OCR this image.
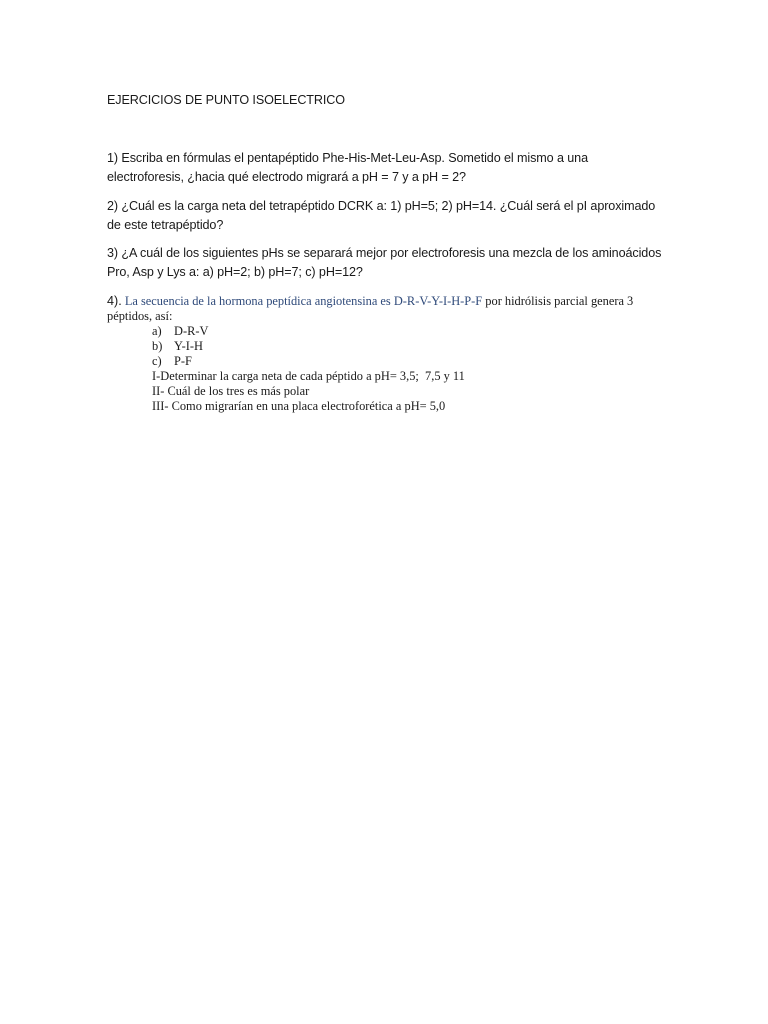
EJERCICIOS DE PUNTO ISOELECTRICO

1) Escriba en fórmulas el pentapéptido Phe-His-Met-Leu-Asp. Sometido el mismo a una electroforesis, ¿hacia qué electrodo migrará a pH = 7 y a pH = 2?

2) ¿Cuál es la carga neta del tetrapéptido DCRK a: 1) pH=5; 2) pH=14. ¿Cuál será el pI aproximado de este tetrapéptido?

3) ¿A cuál de los siguientes pHs se separará mejor por electroforesis una mezcla de los aminoácidos Pro, Asp y Lys a: a) pH=2; b) pH=7; c) pH=12?

4). La secuencia de la hormona peptídica angiotensina es D-R-V-Y-I-H-P-F por hidrólisis parcial genera 3 péptidos, así:

a) D-R-V
b) Y-I-H
c) P-F

I-Determinar la carga neta de cada péptido a pH= 3,5;  7,5 y 11

II- Cuál de los tres es más polar

III- Como migrarían en una placa electroforética a pH= 5,0
